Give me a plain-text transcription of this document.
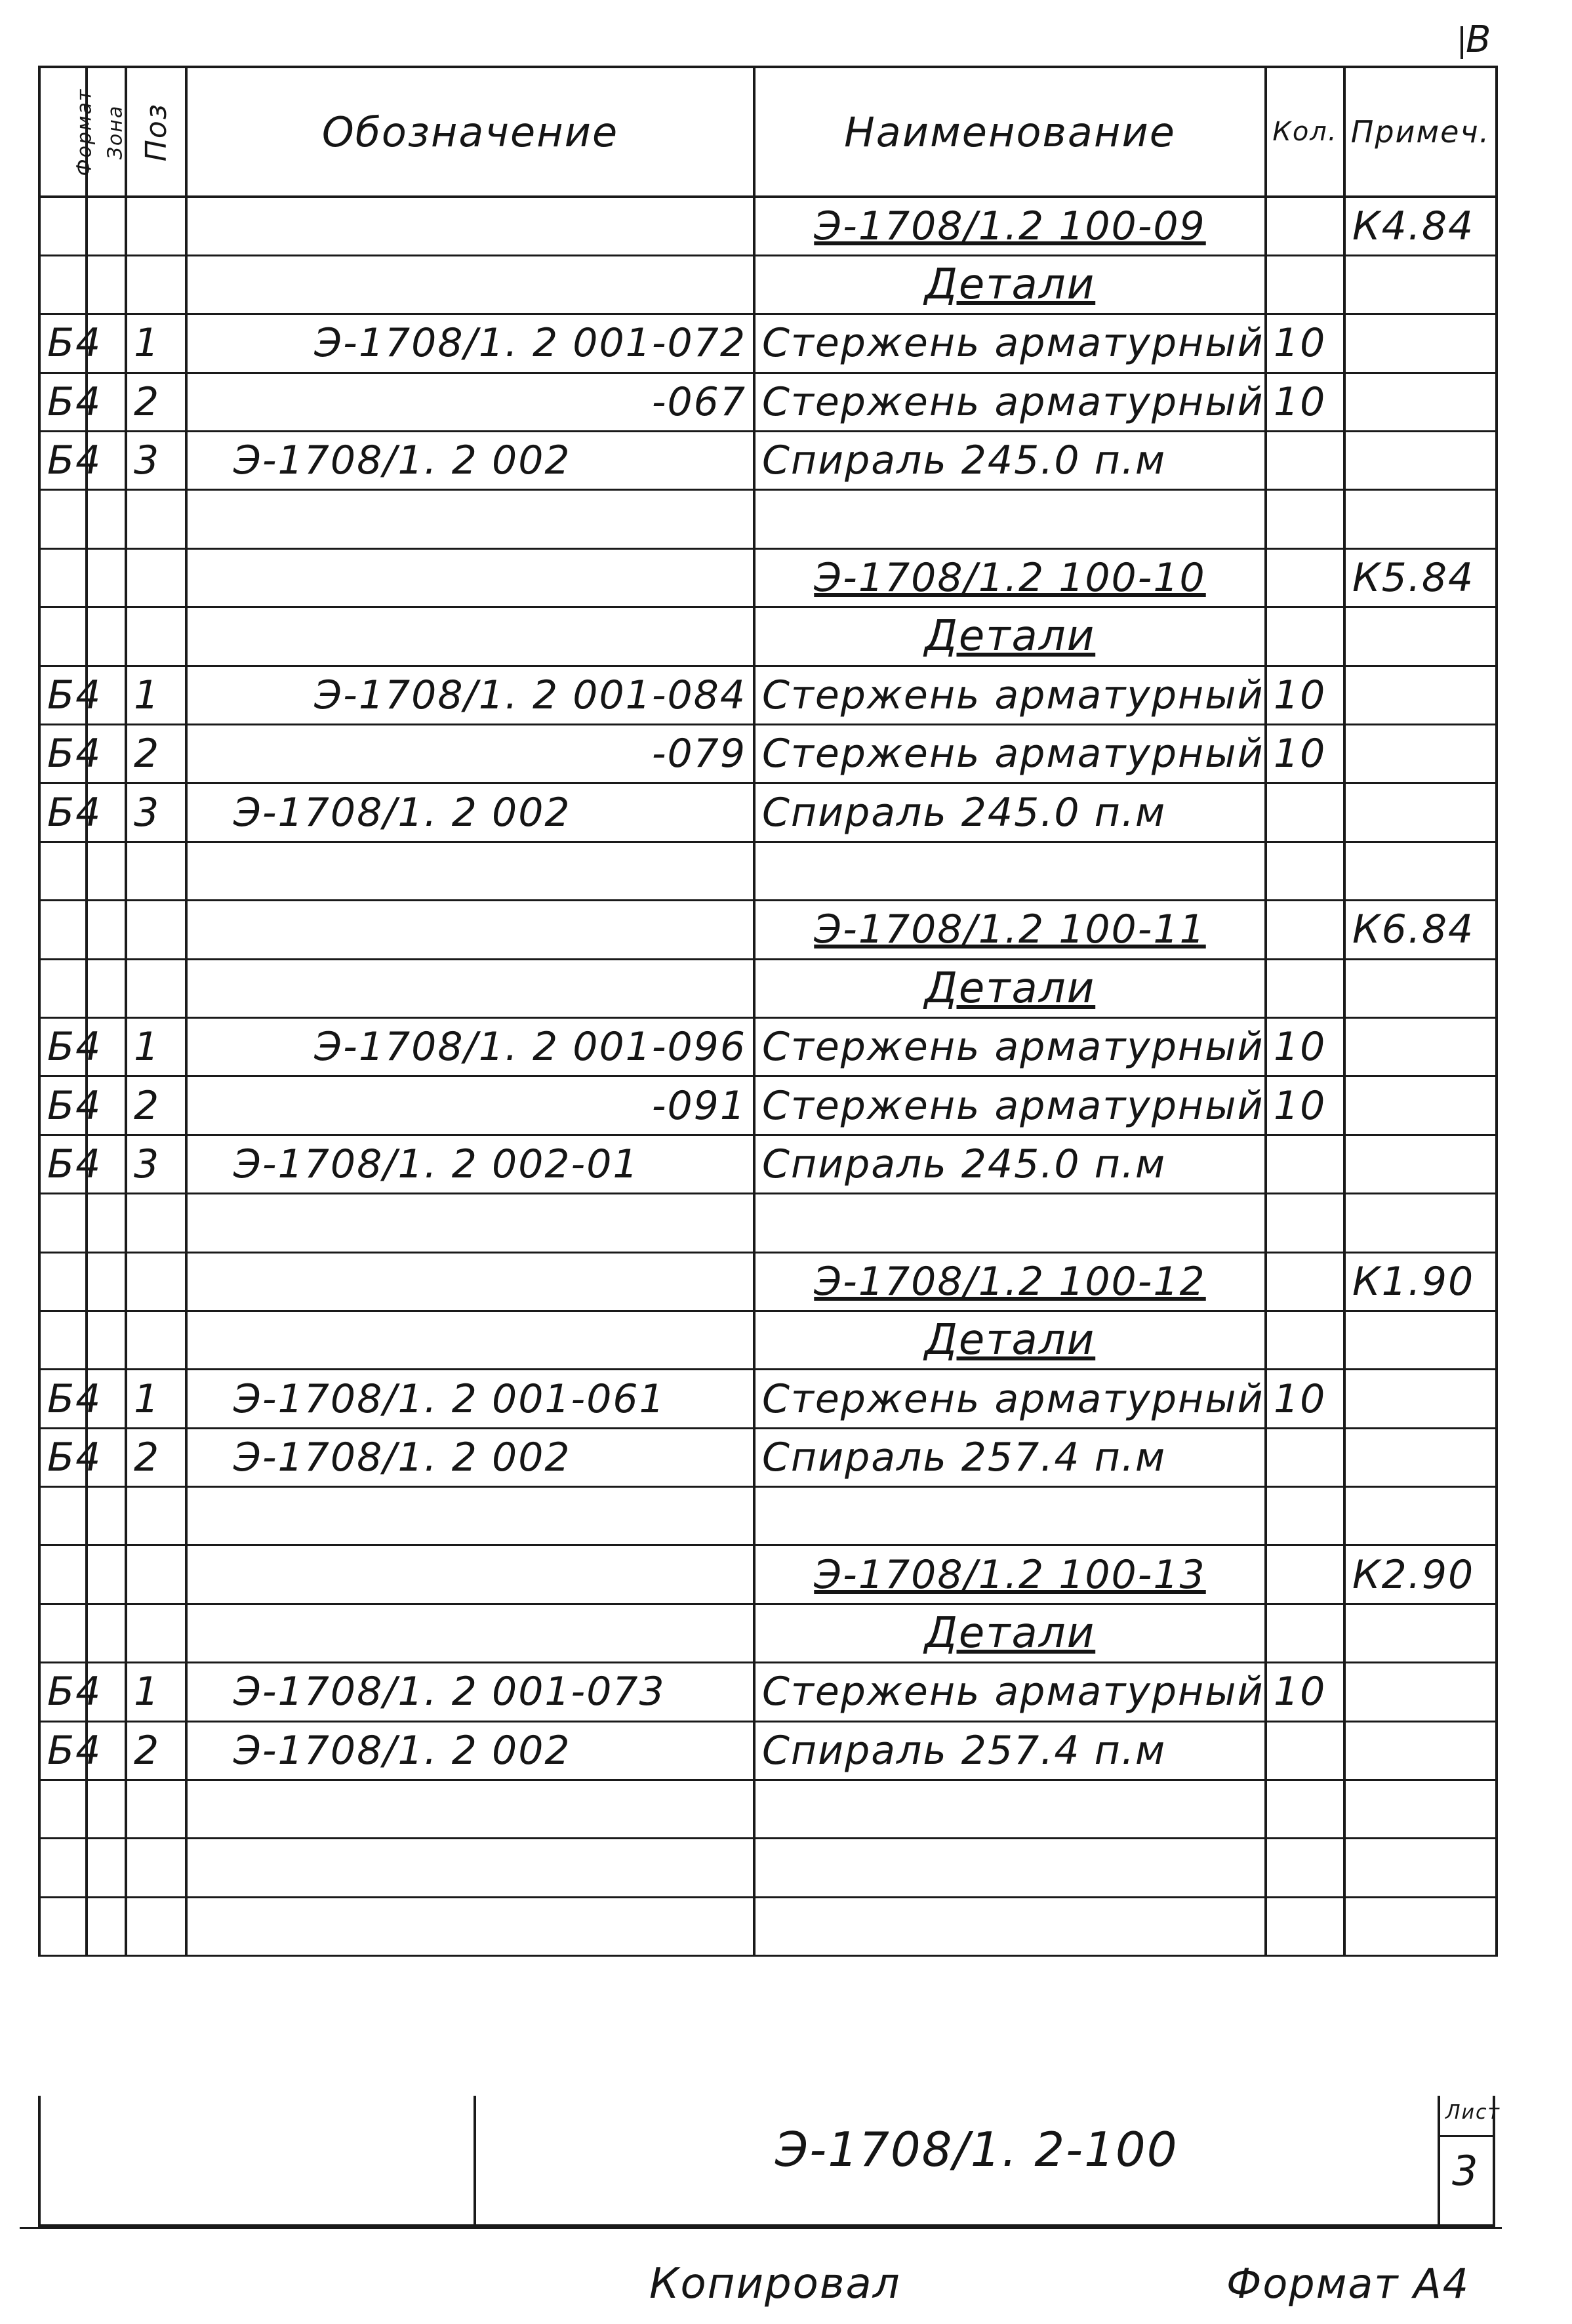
B
Формат	Зона	Поз	Обозначение	Наименование	Кол.	Примеч.
				Э-1708/1.2 100-09		К4.84
				Детали		
Б4		1	Э-1708/1. 2 001-072	Стержень арматурный	10	
Б4		2	-067	Стержень арматурный	10	
Б4		3	Э-1708/1. 2 002	Спираль 245.0 п.м		

				Э-1708/1.2 100-10		К5.84
				Детали		
Б4		1	Э-1708/1. 2 001-084	Стержень арматурный	10	
Б4		2	-079	Стержень арматурный	10	
Б4		3	Э-1708/1. 2 002	Спираль 245.0 п.м		

				Э-1708/1.2 100-11		К6.84
				Детали		
Б4		1	Э-1708/1. 2 001-096	Стержень арматурный	10	
Б4		2	-091	Стержень арматурный	10	
Б4		3	Э-1708/1. 2 002-01	Спираль 245.0 п.м		

				Э-1708/1.2 100-12		К1.90
				Детали		
Б4		1	Э-1708/1. 2 001-061	Стержень арматурный	10	
Б4		2	Э-1708/1. 2 002	Спираль 257.4 п.м		

				Э-1708/1.2 100-13		К2.90
				Детали		
Б4		1	Э-1708/1. 2 001-073	Стержень арматурный	10	
Б4		2	Э-1708/1. 2 002	Спираль 257.4 п.м		

Э-1708/1. 2-100
Лист
3
Копировал	Формат А4
